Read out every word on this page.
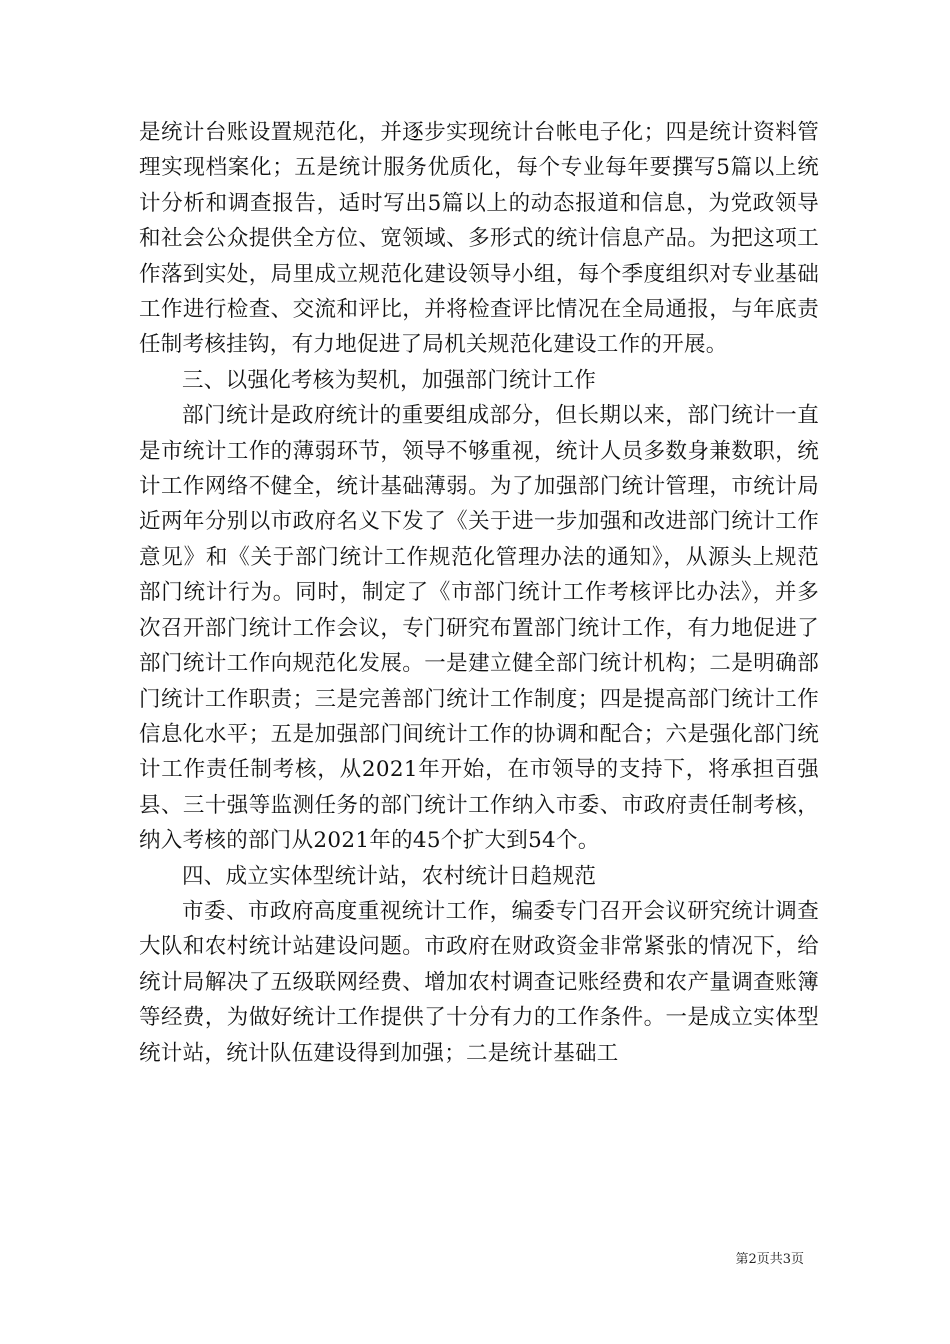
是统计台账设置规范化，并逐步实现统计台帐电子化；四是统计资料管理实现档案化；五是统计服务优质化，每个专业每年要撰写5篇以上统计分析和调查报告，适时写出5篇以上的动态报道和信息，为党政领导和社会公众提供全方位、宽领域、多形式的统计信息产品。为把这项工作落到实处，局里成立规范化建设领导小组，每个季度组织对专业基础工作进行检查、交流和评比，并将检查评比情况在全局通报，与年底责任制考核挂钩，有力地促进了局机关规范化建设工作的开展。

三、以强化考核为契机，加强部门统计工作

部门统计是政府统计的重要组成部分，但长期以来，部门统计一直是市统计工作的薄弱环节，领导不够重视，统计人员多数身兼数职，统计工作网络不健全，统计基础薄弱。为了加强部门统计管理，市统计局近两年分别以市政府名义下发了《关于进一步加强和改进部门统计工作意见》和《关于部门统计工作规范化管理办法的通知》，从源头上规范部门统计行为。同时，制定了《市部门统计工作考核评比办法》，并多次召开部门统计工作会议，专门研究布置部门统计工作，有力地促进了部门统计工作向规范化发展。一是建立健全部门统计机构；二是明确部门统计工作职责；三是完善部门统计工作制度；四是提高部门统计工作信息化水平；五是加强部门间统计工作的协调和配合；六是强化部门统计工作责任制考核，从2021年开始，在市领导的支持下，将承担百强县、三十强等监测任务的部门统计工作纳入市委、市政府责任制考核，纳入考核的部门从2021年的45个扩大到54个。

四、成立实体型统计站，农村统计日趋规范

市委、市政府高度重视统计工作，编委专门召开会议研究统计调查大队和农村统计站建设问题。市政府在财政资金非常紧张的情况下，给统计局解决了五级联网经费、增加农村调查记账经费和农产量调查账簿等经费，为做好统计工作提供了十分有力的工作条件。一是成立实体型统计站，统计队伍建设得到加强；二是统计基础工

第2页共3页
